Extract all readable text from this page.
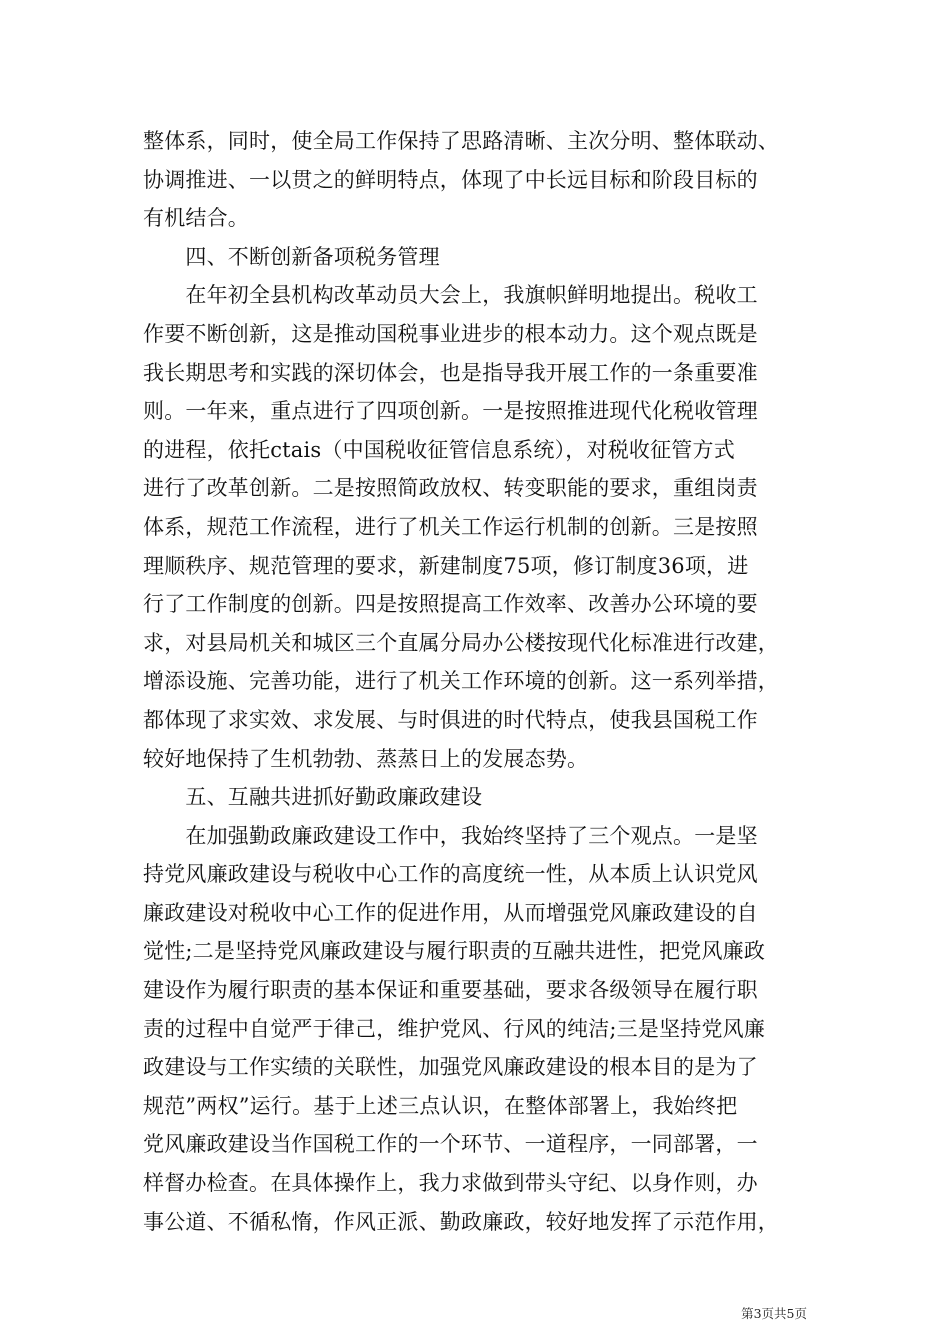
整体系，同时，使全局工作保持了思路清晰、主次分明、整体联动、
协调推进、一以贯之的鲜明特点，体现了中长远目标和阶段目标的
有机结合。
　　四、不断创新备项税务管理
　　在年初全县机构改革动员大会上，我旗帜鲜明地提出。税收工
作要不断创新，这是推动国税事业进步的根本动力。这个观点既是
我长期思考和实践的深切体会，也是指导我开展工作的一条重要准
则。一年来，重点进行了四项创新。一是按照推进现代化税收管理
的进程，依托ctais（中国税收征管信息系统），对税收征管方式
进行了改革创新。二是按照简政放权、转变职能的要求，重组岗责
体系，规范工作流程，进行了机关工作运行机制的创新。三是按照
理顺秩序、规范管理的要求，新建制度75项，修订制度36项，进
行了工作制度的创新。四是按照提高工作效率、改善办公环境的要
求，对县局机关和城区三个直属分局办公楼按现代化标准进行改建，
增添设施、完善功能，进行了机关工作环境的创新。这一系列举措，
都体现了求实效、求发展、与时俱进的时代特点，使我县国税工作
较好地保持了生机勃勃、蒸蒸日上的发展态势。
　　五、互融共进抓好勤政廉政建设
　　在加强勤政廉政建设工作中，我始终坚持了三个观点。一是坚
持党风廉政建设与税收中心工作的高度统一性，从本质上认识党风
廉政建设对税收中心工作的促进作用，从而增强党风廉政建设的自
觉性;二是坚持党风廉政建设与履行职责的互融共进性，把党风廉政
建设作为履行职责的基本保证和重要基础，要求各级领导在履行职
责的过程中自觉严于律己，维护党风、行风的纯洁;三是坚持党风廉
政建设与工作实绩的关联性，加强党风廉政建设的根本目的是为了
规范”两权”运行。基于上述三点认识，在整体部署上，我始终把
党风廉政建设当作国税工作的一个环节、一道程序，一同部署，一
样督办检查。在具体操作上，我力求做到带头守纪、以身作则，办
事公道、不循私惰，作风正派、勤政廉政，较好地发挥了示范作用，
第3页共5页
